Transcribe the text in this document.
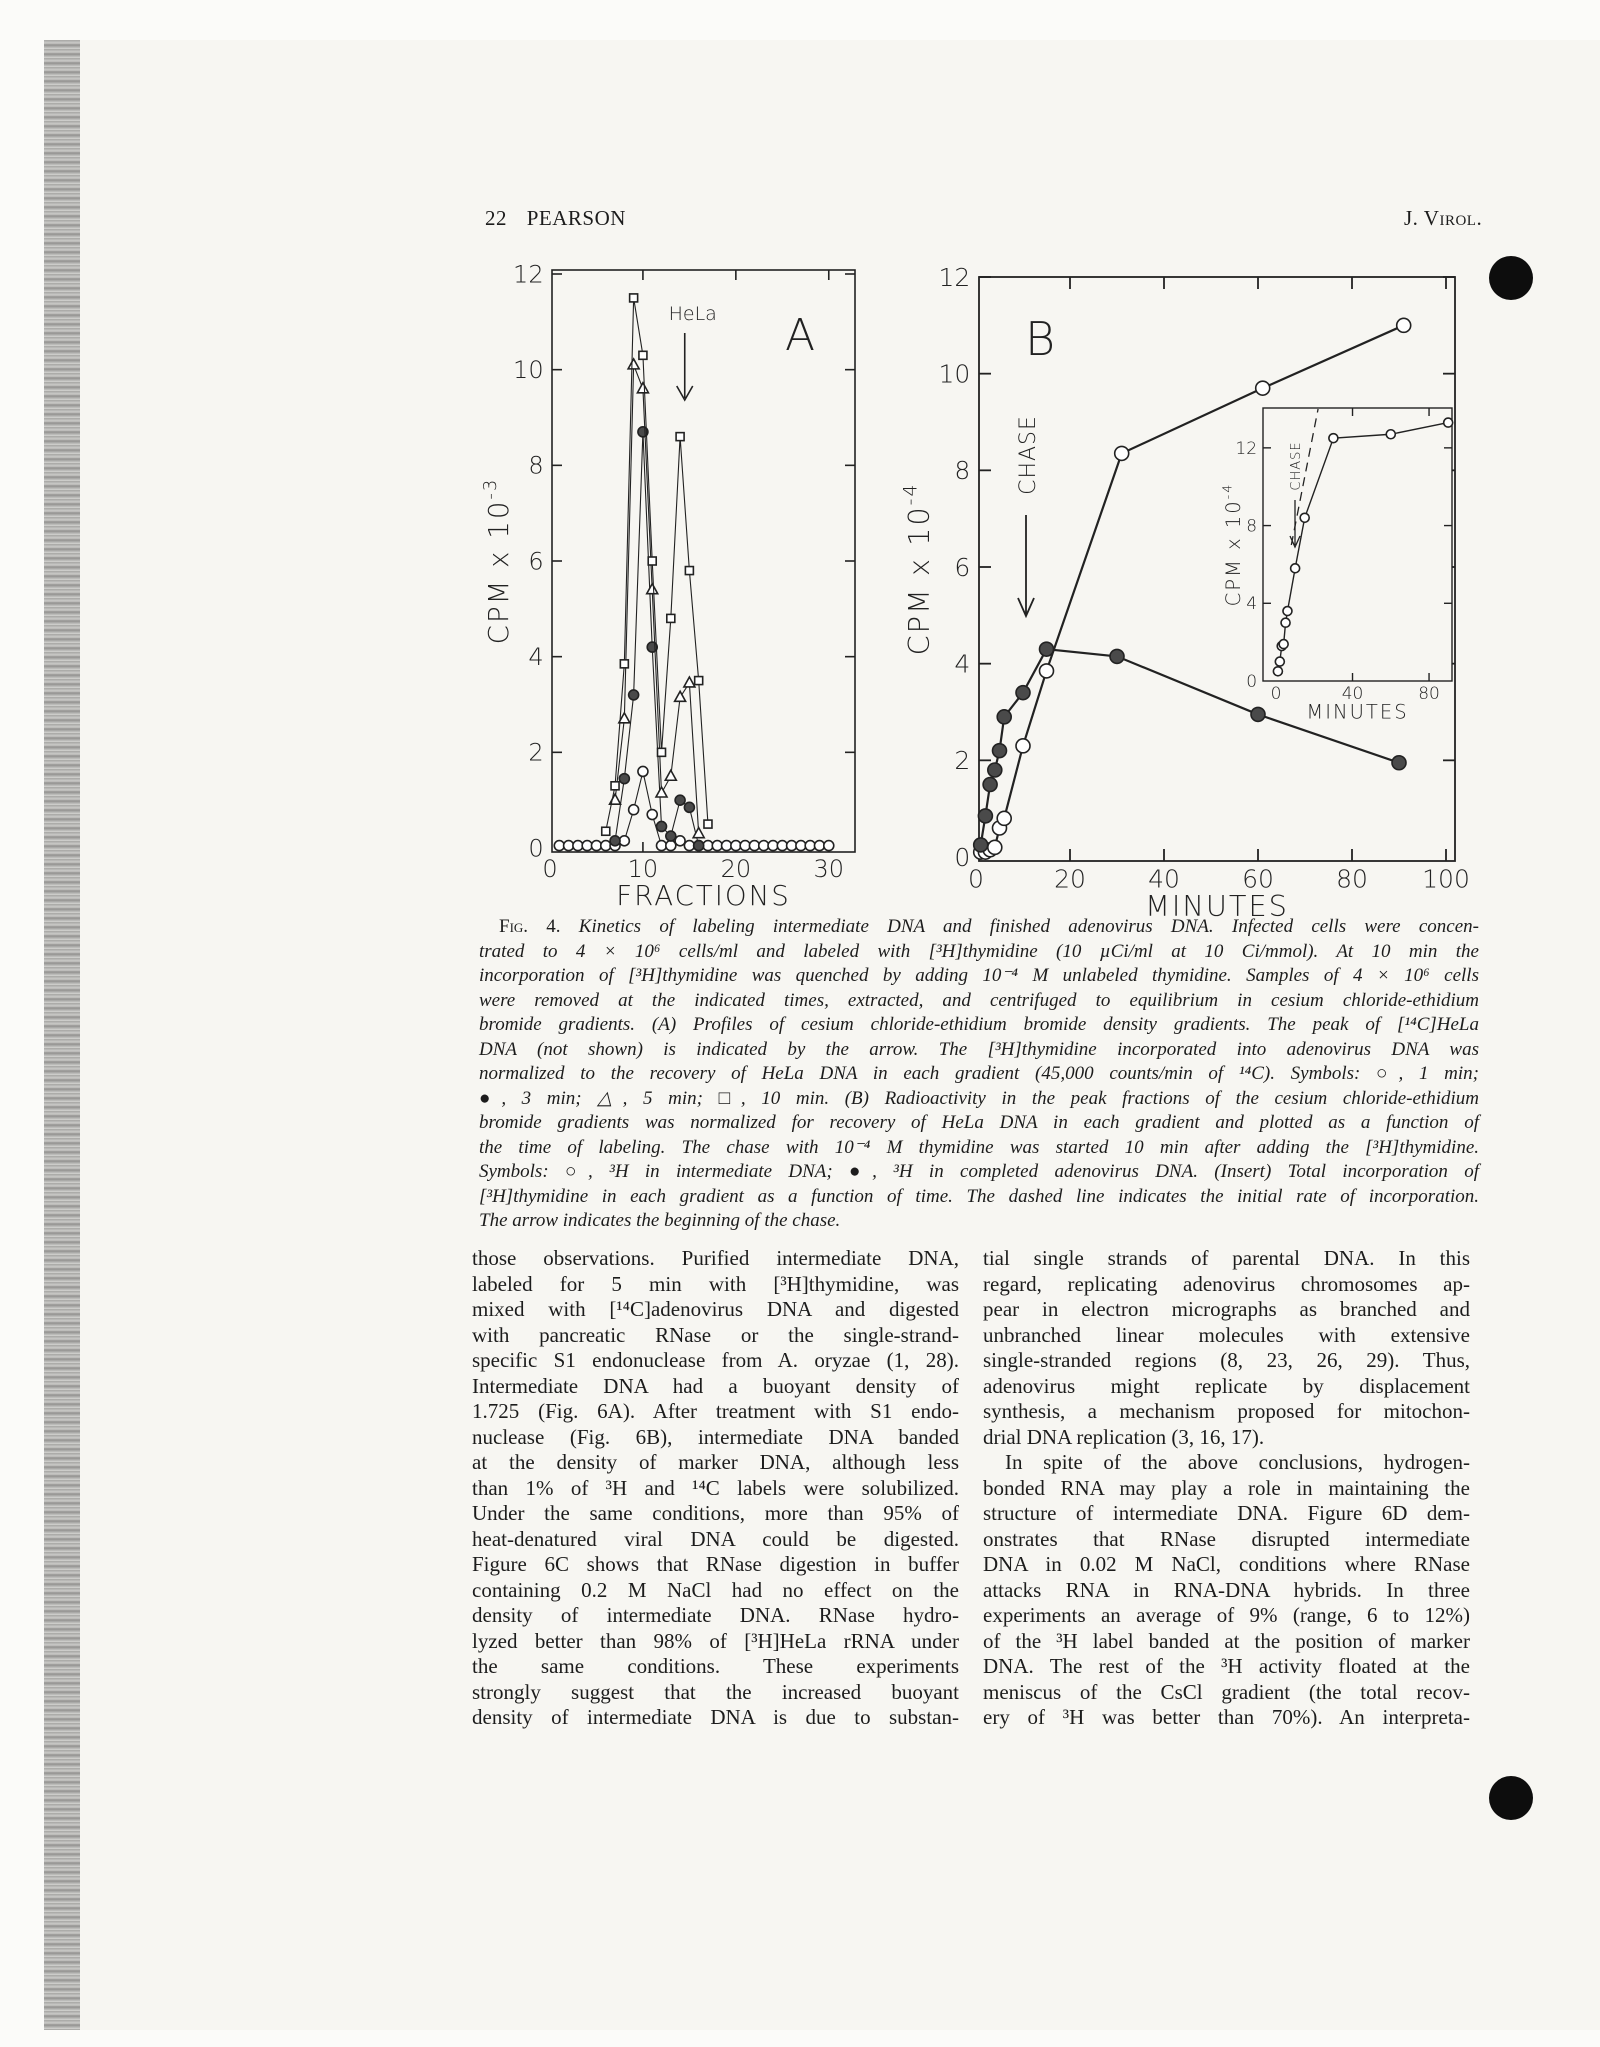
22 PEARSON	J. Virol.
0	10	20	30
0
2
4
6
8
10
12
FRACTIONS
CPM x $10^{-3}$
A
HeLa
0	20 40 60 80 100
0
2
4
6
8
10
12
MINUTES
CPM x $10^{-4}$
B
CHASE
0	40	80
0
4
8
12
MINUTES
CPM x $10^{-4}$
CHASE
Fig. 4. Kinetics of labeling intermediate DNA and finished adenovirus DNA. Infected cells were concen-
trated to 4 × 10⁶ cells/ml and labeled with [³H]thymidine (10 µCi/ml at 10 Ci/mmol). At 10 min the
incorporation of [³H]thymidine was quenched by adding 10⁻⁴ M unlabeled thymidine. Samples of 4 × 10⁶ cells
were removed at the indicated times, extracted, and centrifuged to equilibrium in cesium chloride-ethidium
bromide gradients. (A) Profiles of cesium chloride-ethidium bromide density gradients. The peak of [¹⁴C]HeLa
DNA (not shown) is indicated by the arrow. The [³H]thymidine incorporated into adenovirus DNA was
normalized to the recovery of HeLa DNA in each gradient (45,000 counts/min of ¹⁴C). Symbols: ○, 1 min;
●, 3 min; △, 5 min; □, 10 min. (B) Radioactivity in the peak fractions of the cesium chloride-ethidium
bromide gradients was normalized for recovery of HeLa DNA in each gradient and plotted as a function of
the time of labeling. The chase with 10⁻⁴ M thymidine was started 10 min after adding the [³H]thymidine.
Symbols: ○, ³H in intermediate DNA; ●, ³H in completed adenovirus DNA. (Insert) Total incorporation of
[³H]thymidine in each gradient as a function of time. The dashed line indicates the initial rate of incorporation.
The arrow indicates the beginning of the chase.
those observations. Purified intermediate DNA,
labeled for 5 min with [³H]thymidine, was
mixed with [¹⁴C]adenovirus DNA and digested
with pancreatic RNase or the single-strand-
specific S1 endonuclease from A. oryzae (1, 28).
Intermediate DNA had a buoyant density of
1.725 (Fig. 6A). After treatment with S1 endo-
nuclease (Fig. 6B), intermediate DNA banded
at the density of marker DNA, although less
than 1% of ³H and ¹⁴C labels were solubilized.
Under the same conditions, more than 95% of
heat-denatured viral DNA could be digested.
Figure 6C shows that RNase digestion in buffer
containing 0.2 M NaCl had no effect on the
density of intermediate DNA. RNase hydro-
lyzed better than 98% of [³H]HeLa rRNA under
the same conditions. These experiments
strongly suggest that the increased buoyant
density of intermediate DNA is due to substan-
tial single strands of parental DNA. In this
regard, replicating adenovirus chromosomes ap-
pear in electron micrographs as branched and
unbranched linear molecules with extensive
single-stranded regions (8, 23, 26, 29). Thus,
adenovirus might replicate by displacement
synthesis, a mechanism proposed for mitochon-
drial DNA replication (3, 16, 17).
In spite of the above conclusions, hydrogen-
bonded RNA may play a role in maintaining the
structure of intermediate DNA. Figure 6D dem-
onstrates that RNase disrupted intermediate
DNA in 0.02 M NaCl, conditions where RNase
attacks RNA in RNA-DNA hybrids. In three
experiments an average of 9% (range, 6 to 12%)
of the ³H label banded at the position of marker
DNA. The rest of the ³H activity floated at the
meniscus of the CsCl gradient (the total recov-
ery of ³H was better than 70%). An interpreta-
